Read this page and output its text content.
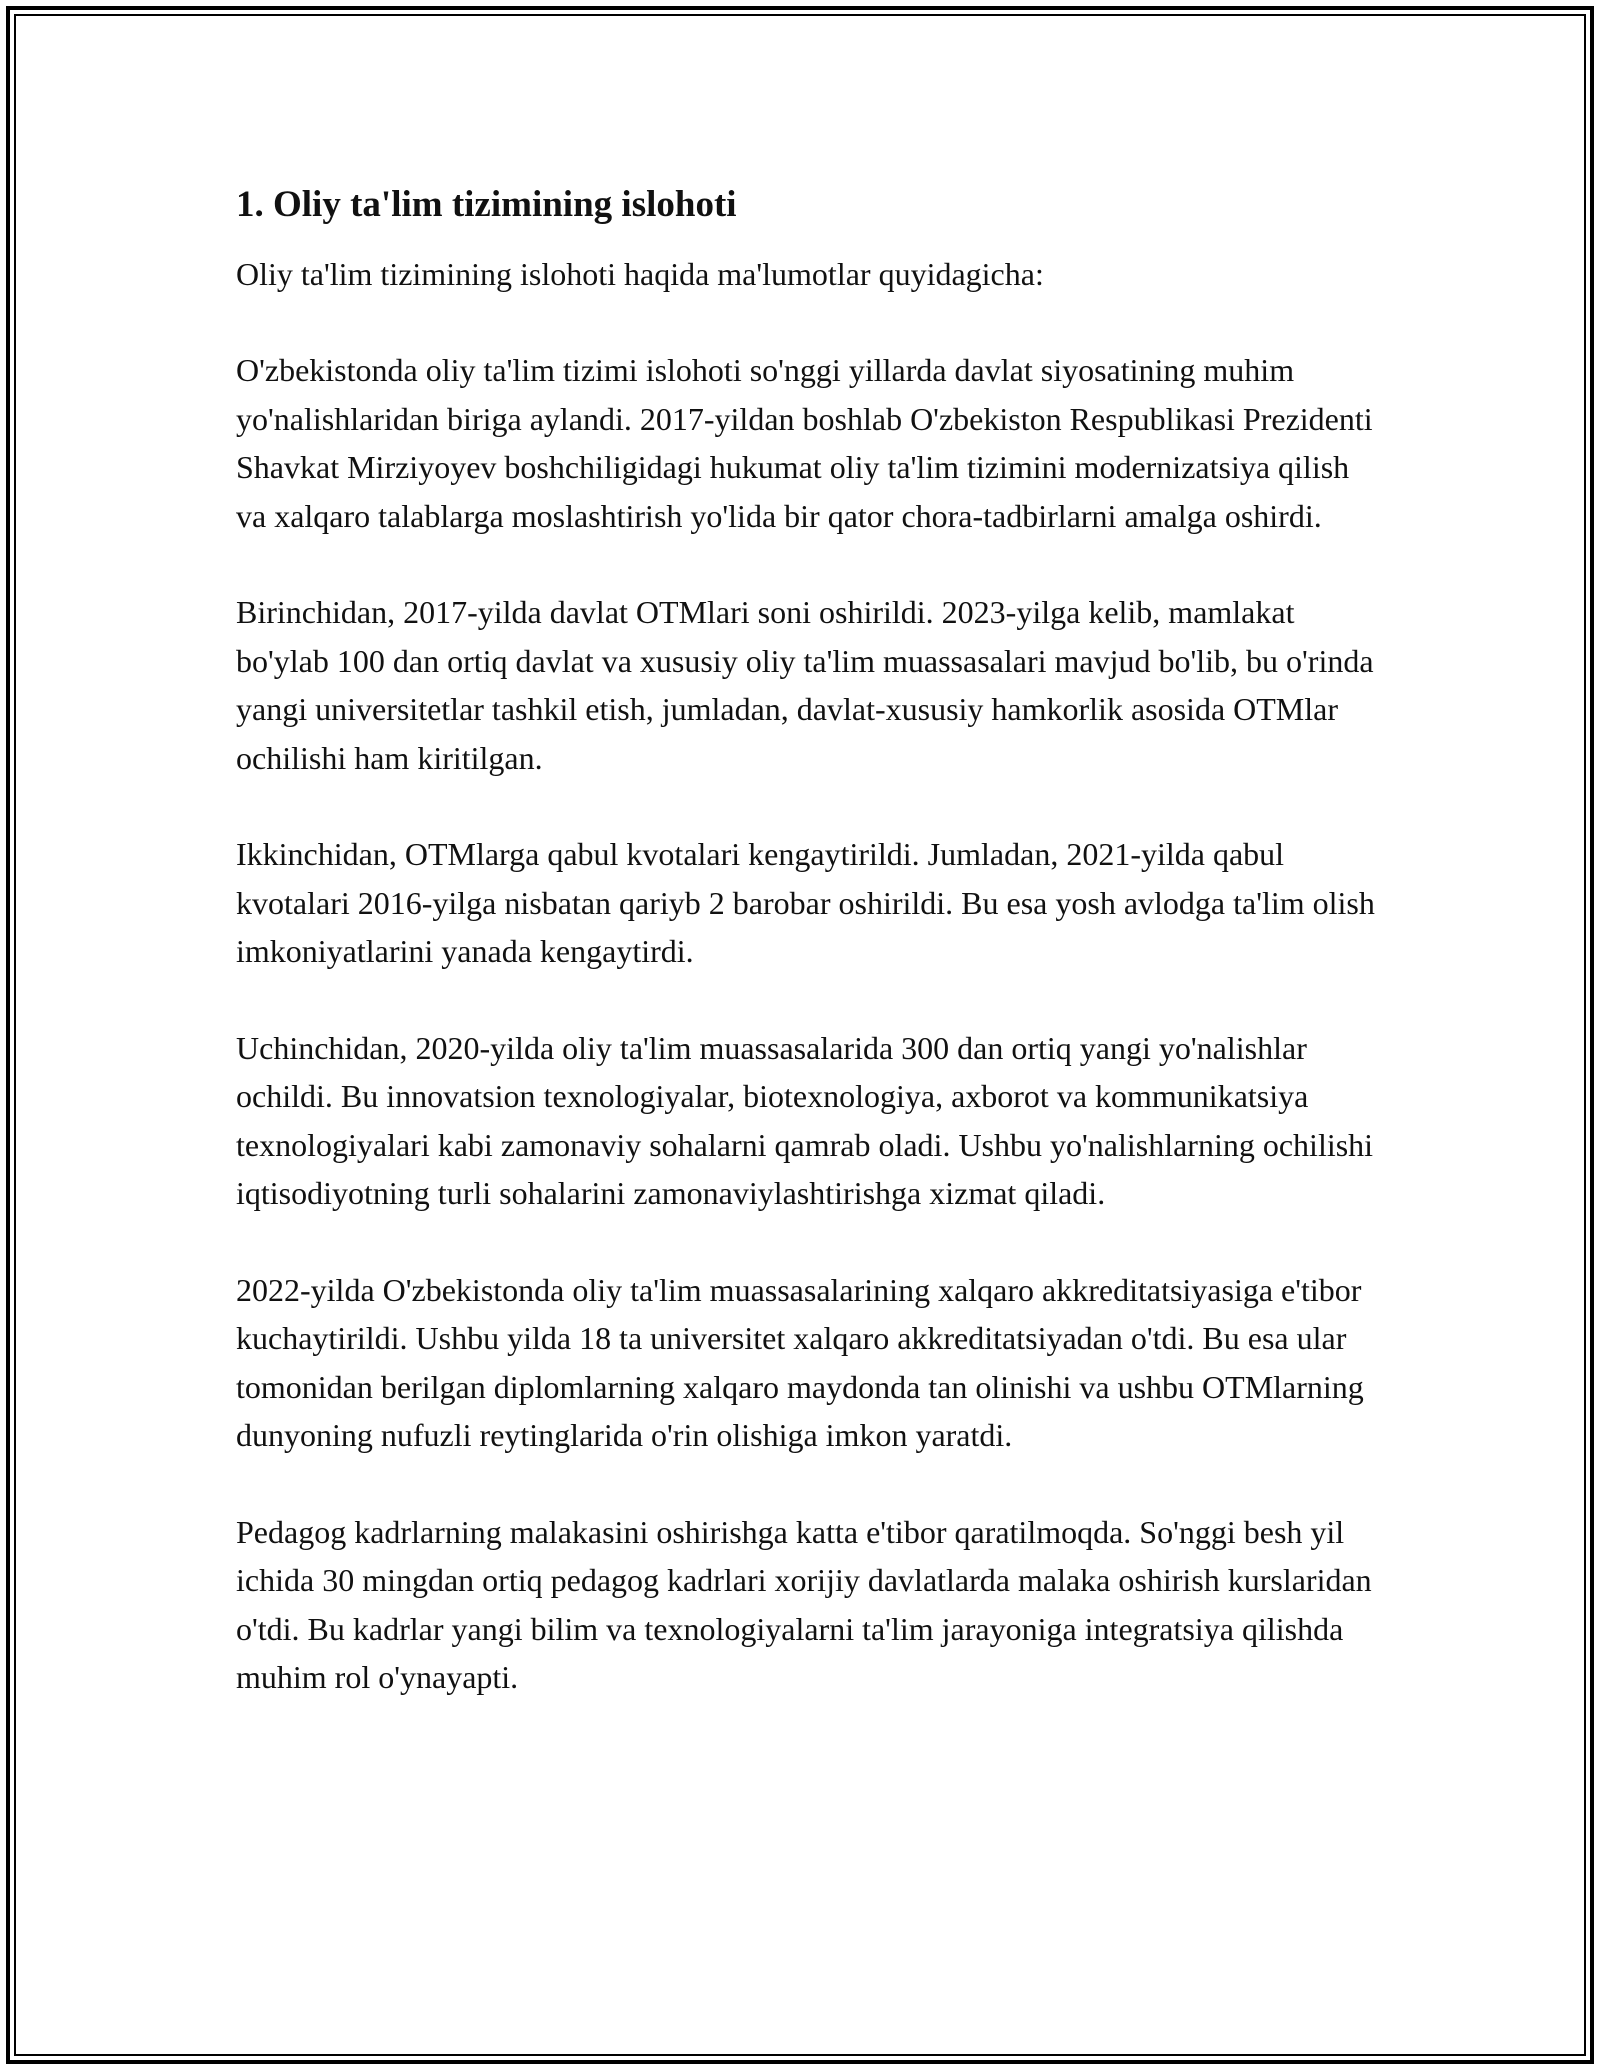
1. Oliy ta'lim tizimining islohoti

Oliy ta'lim tizimining islohoti haqida ma'lumotlar quyidagicha:

O'zbekistonda oliy ta'lim tizimi islohoti so'nggi yillarda davlat siyosatining muhim yo'nalishlaridan biriga aylandi. 2017-yildan boshlab O'zbekiston Respublikasi Prezidenti Shavkat Mirziyoyev boshchiligidagi hukumat oliy ta'lim tizimini modernizatsiya qilish va xalqaro talablarga moslashtirish yo'lida bir qator chora-tadbirlarni amalga oshirdi.

Birinchidan, 2017-yilda davlat OTMlari soni oshirildi. 2023-yilga kelib, mamlakat bo'ylab 100 dan ortiq davlat va xususiy oliy ta'lim muassasalari mavjud bo'lib, bu o'rinda yangi universitetlar tashkil etish, jumladan, davlat-xususiy hamkorlik asosida OTMlar ochilishi ham kiritilgan.

Ikkinchidan, OTMlarga qabul kvotalari kengaytirildi. Jumladan, 2021-yilda qabul kvotalari 2016-yilga nisbatan qariyb 2 barobar oshirildi. Bu esa yosh avlodga ta'lim olish imkoniyatlarini yanada kengaytirdi.

Uchinchidan, 2020-yilda oliy ta'lim muassasalarida 300 dan ortiq yangi yo'nalishlar ochildi. Bu innovatsion texnologiyalar, biotexnologiya, axborot va kommunikatsiya texnologiyalari kabi zamonaviy sohalarni qamrab oladi. Ushbu yo'nalishlarning ochilishi iqtisodiyotning turli sohalarini zamonaviylashtirishga xizmat qiladi.

2022-yilda O'zbekistonda oliy ta'lim muassasalarining xalqaro akkreditatsiyasiga e'tibor kuchaytirildi. Ushbu yilda 18 ta universitet xalqaro akkreditatsiyadan o'tdi. Bu esa ular tomonidan berilgan diplomlarning xalqaro maydonda tan olinishi va ushbu OTMlarning dunyoning nufuzli reytinglarida o'rin olishiga imkon yaratdi.

Pedagog kadrlarning malakasini oshirishga katta e'tibor qaratilmoqda. So'nggi besh yil ichida 30 mingdan ortiq pedagog kadrlari xorijiy davlatlarda malaka oshirish kurslaridan o'tdi. Bu kadrlar yangi bilim va texnologiyalarni ta'lim jarayoniga integratsiya qilishda muhim rol o'ynayapti.
